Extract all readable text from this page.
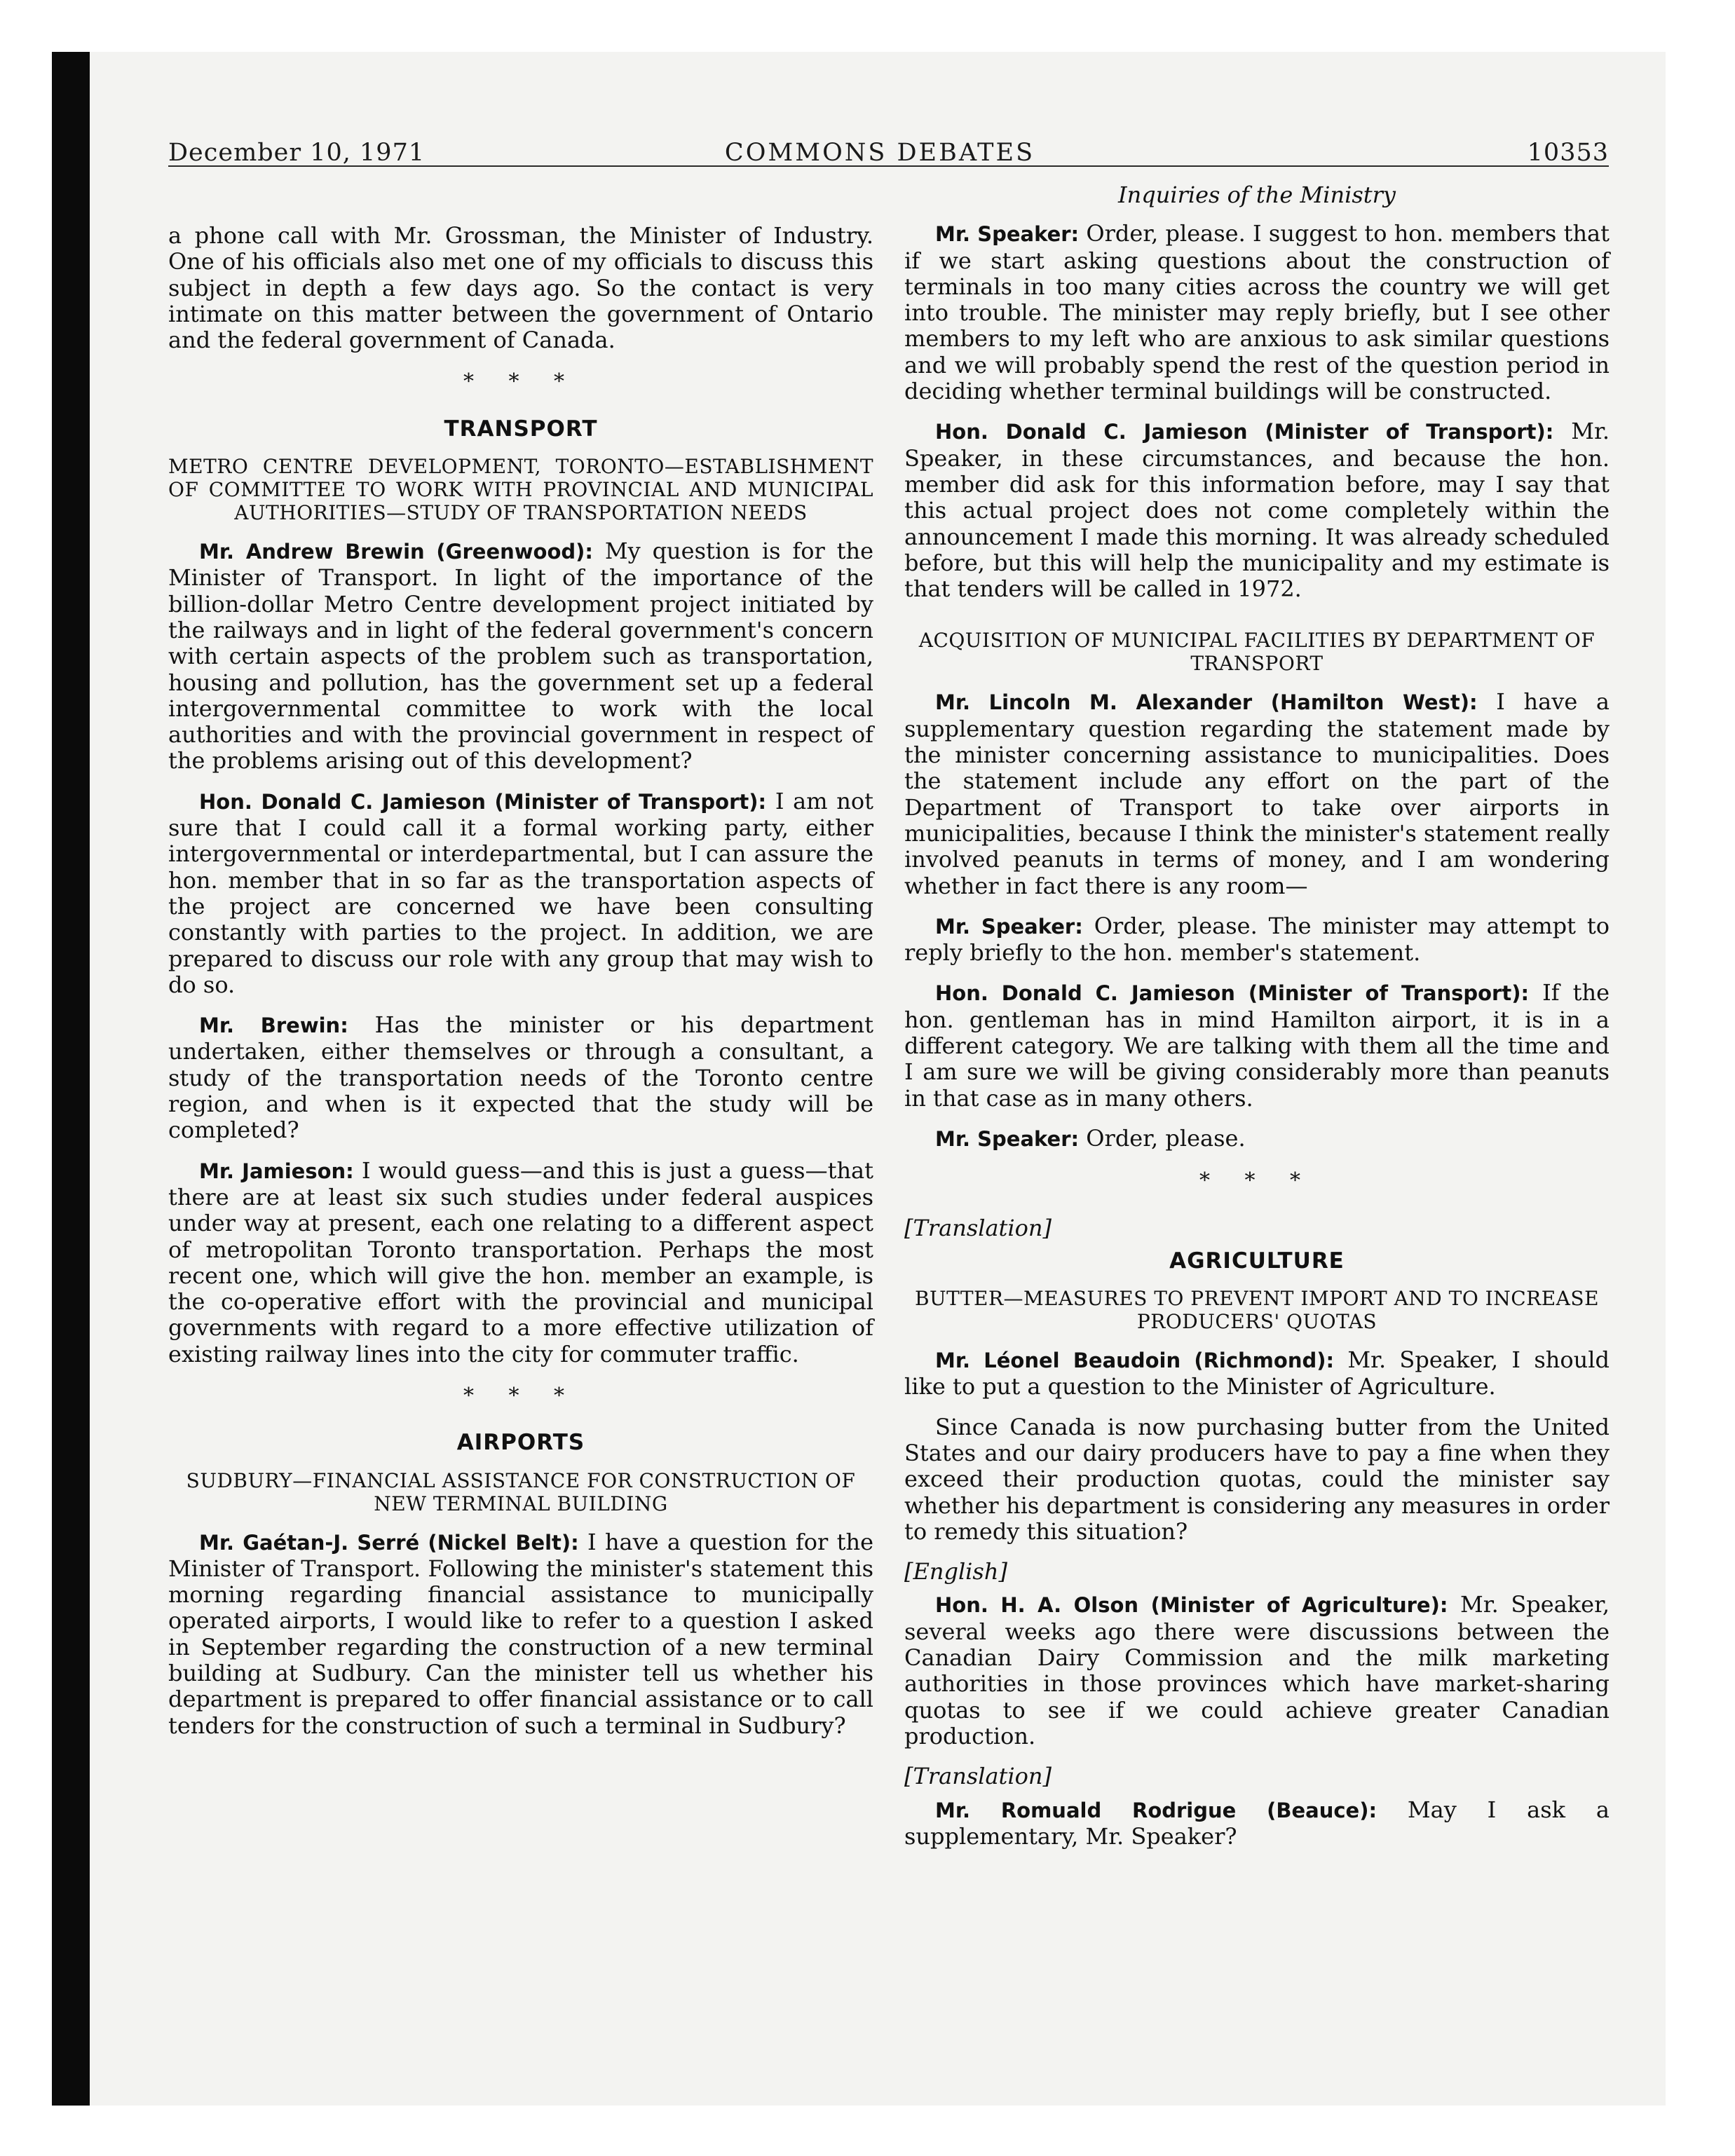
December 10, 1971	COMMONS DEBATES	10353

a phone call with Mr. Grossman, the Minister of Industry. One of his officials also met one of my officials to discuss this subject in depth a few days ago. So the contact is very intimate on this matter between the government of Ontario and the federal government of Canada.

* * *
TRANSPORT
METRO CENTRE DEVELOPMENT, TORONTO—ESTABLISHMENT OF COMMITTEE TO WORK WITH PROVINCIAL AND MUNICIPAL AUTHORITIES—STUDY OF TRANSPORTATION NEEDS

Mr. Andrew Brewin (Greenwood): My question is for the Minister of Transport. In light of the importance of the billion-dollar Metro Centre development project initiated by the railways and in light of the federal government's concern with certain aspects of the problem such as transportation, housing and pollution, has the government set up a federal intergovernmental committee to work with the local authorities and with the provincial government in respect of the problems arising out of this development?

Hon. Donald C. Jamieson (Minister of Transport): I am not sure that I could call it a formal working party, either intergovernmental or interdepartmental, but I can assure the hon. member that in so far as the transportation aspects of the project are concerned we have been consulting constantly with parties to the project. In addition, we are prepared to discuss our role with any group that may wish to do so.

Mr. Brewin: Has the minister or his department undertaken, either themselves or through a consultant, a study of the transportation needs of the Toronto centre region, and when is it expected that the study will be completed?

Mr. Jamieson: I would guess—and this is just a guess—that there are at least six such studies under federal auspices under way at present, each one relating to a different aspect of metropolitan Toronto transportation. Perhaps the most recent one, which will give the hon. member an example, is the co-operative effort with the provincial and municipal governments with regard to a more effective utilization of existing railway lines into the city for commuter traffic.

* * *
AIRPORTS
SUDBURY—FINANCIAL ASSISTANCE FOR CONSTRUCTION OF NEW TERMINAL BUILDING

Mr. Gaétan-J. Serré (Nickel Belt): I have a question for the Minister of Transport. Following the minister's statement this morning regarding financial assistance to municipally operated airports, I would like to refer to a question I asked in September regarding the construction of a new terminal building at Sudbury. Can the minister tell us whether his department is prepared to offer financial assistance or to call tenders for the construction of such a terminal in Sudbury?

Inquiries of the Ministry

Mr. Speaker: Order, please. I suggest to hon. members that if we start asking questions about the construction of terminals in too many cities across the country we will get into trouble. The minister may reply briefly, but I see other members to my left who are anxious to ask similar questions and we will probably spend the rest of the question period in deciding whether terminal buildings will be constructed.

Hon. Donald C. Jamieson (Minister of Transport): Mr. Speaker, in these circumstances, and because the hon. member did ask for this information before, may I say that this actual project does not come completely within the announcement I made this morning. It was already scheduled before, but this will help the municipality and my estimate is that tenders will be called in 1972.

ACQUISITION OF MUNICIPAL FACILITIES BY DEPARTMENT OF TRANSPORT

Mr. Lincoln M. Alexander (Hamilton West): I have a supplementary question regarding the statement made by the minister concerning assistance to municipalities. Does the statement include any effort on the part of the Department of Transport to take over airports in municipalities, because I think the minister's statement really involved peanuts in terms of money, and I am wondering whether in fact there is any room—

Mr. Speaker: Order, please. The minister may attempt to reply briefly to the hon. member's statement.

Hon. Donald C. Jamieson (Minister of Transport): If the hon. gentleman has in mind Hamilton airport, it is in a different category. We are talking with them all the time and I am sure we will be giving considerably more than peanuts in that case as in many others.

Mr. Speaker: Order, please.

* * *
[Translation]
AGRICULTURE
BUTTER—MEASURES TO PREVENT IMPORT AND TO INCREASE PRODUCERS' QUOTAS

Mr. Léonel Beaudoin (Richmond): Mr. Speaker, I should like to put a question to the Minister of Agriculture.

Since Canada is now purchasing butter from the United States and our dairy producers have to pay a fine when they exceed their production quotas, could the minister say whether his department is considering any measures in order to remedy this situation?

[English]

Hon. H. A. Olson (Minister of Agriculture): Mr. Speaker, several weeks ago there were discussions between the Canadian Dairy Commission and the milk marketing authorities in those provinces which have market-sharing quotas to see if we could achieve greater Canadian production.

[Translation]

Mr. Romuald Rodrigue (Beauce): May I ask a supplementary, Mr. Speaker?
